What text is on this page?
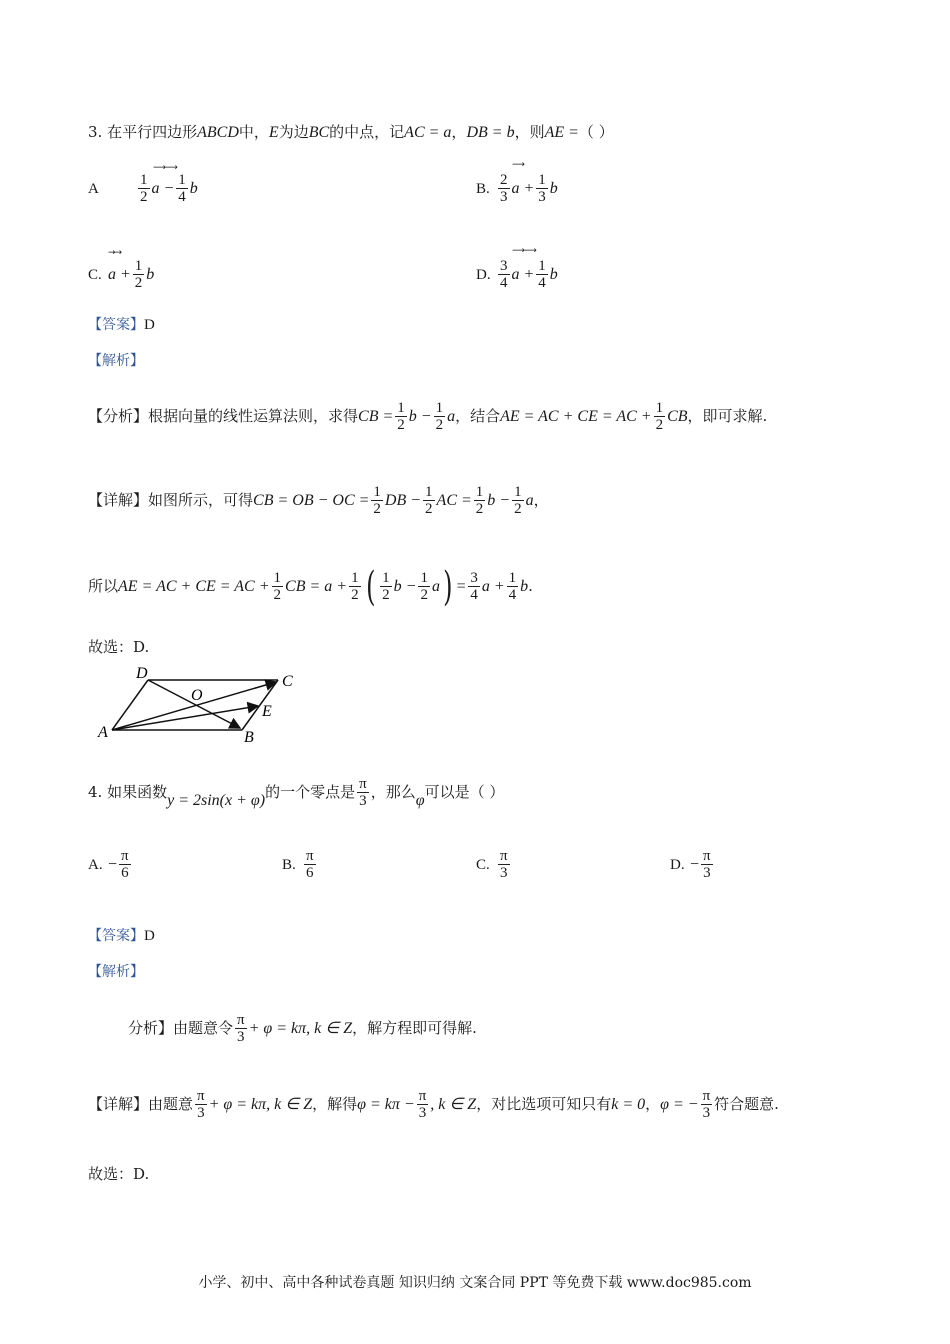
3. 在平行四边形ABCD中，E为边BC的中点，记AC = a，DB = b，则AE =（ ）
A	$\frac{1}{2}$ $a - \frac{1}{4}$ b
⟶⟶
B. $\frac{2}{3}$ $a + \frac{1}{3}$ b
⟶
C. $a + \frac{1}{2}$ b
→→
D. $\frac{3}{4}$ $a + \frac{1}{4}$ b
⟶⟶
【答案】D
【解析】
【分析】根据向量的线性运算法则，求得CB = $\frac{1}{2}$ $b - \frac{1}{2}$ a，结合AE = AC + CE = AC + $\frac{1}{2}$ CB，即可求解.
【详解】如图所示，可得CB = OB − OC = $\frac{1}{2}$ DB − $\frac{1}{2}$ AC = $\frac{1}{2}$ $b - \frac{1}{2}$ a，
所以AE = AC + CE = AC + $\frac{1}{2}$ CB = $a + \frac{1}{2}$ ( $\frac{1}{2}$ $b - \frac{1}{2} a) = \frac{3}{4}$ $a + \frac{1}{4} b$.
故选：D.
D	C
O
E
A	B
4. 如果函数y = 2sin(x + φ)的一个零点是 $\frac{\pi}{3}$ ，那么φ可以是（ ）
A. − $\frac{\pi}{6}$	B. $\frac{\pi}{6}$	C. $\frac{\pi}{3}$	D. − $\frac{\pi}{3}$
【答案】D
【解析】
分析】由题意令 $\frac{\pi}{3} + \varphi = k\pi$, k ∈ Z，解方程即可得解.
【详解】由题意 $\frac{\pi}{3} + \varphi = k\pi$, k ∈ Z，解得$\varphi = k\pi - \frac{\pi}{3}$ , k ∈ Z，对比选项可知只有k = 0，φ = − $\frac{\pi}{3}$ 符合题意.
故选：D.
小学、初中、高中各种试卷真题 知识归纳 文案合同 PPT 等免费下载 www.doc985.com
